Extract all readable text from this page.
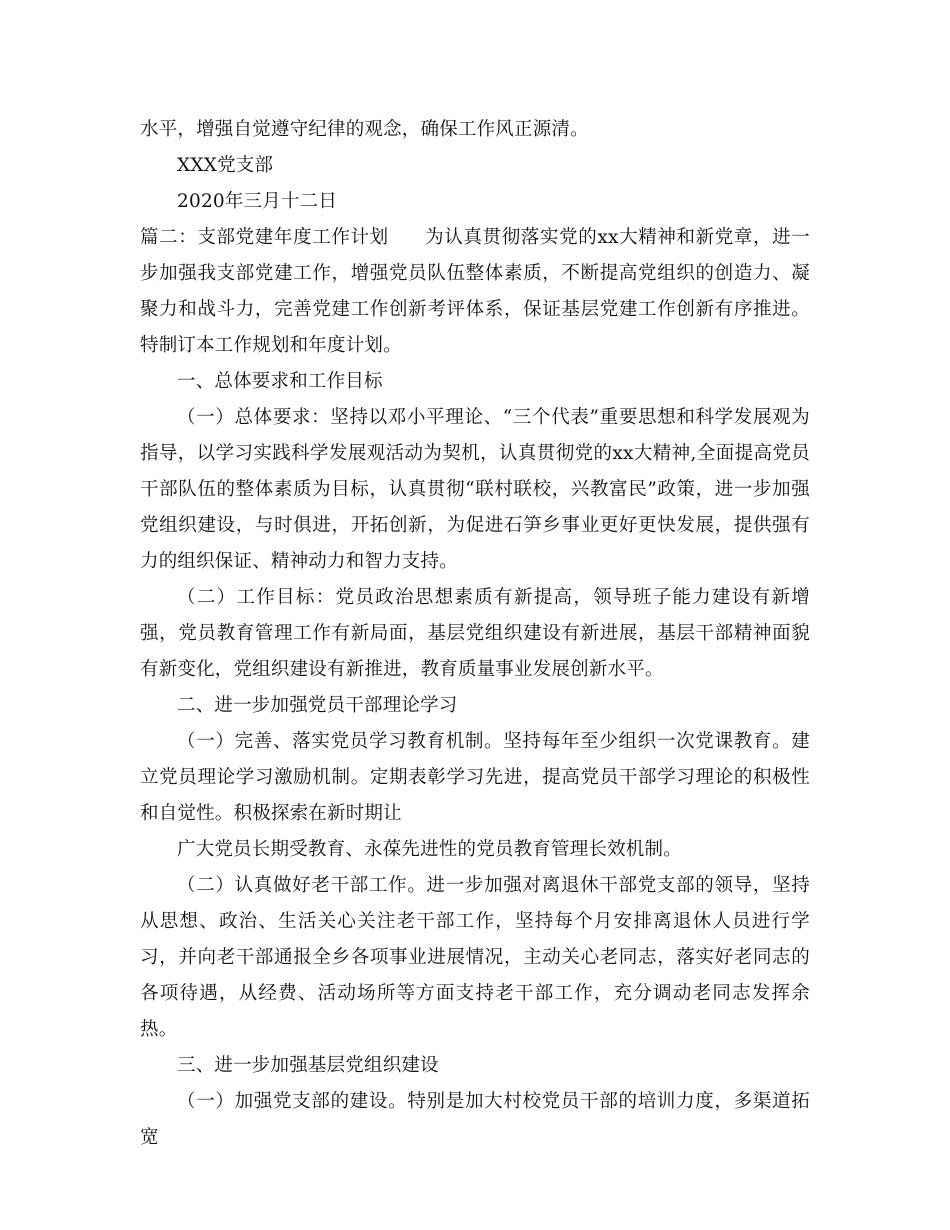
水平，增强自觉遵守纪律的观念，确保工作风正源清。

XXX党支部

2020年三月十二日

篇二：支部党建年度工作计划 为认真贯彻落实党的xx大精神和新党章，进一步加强我支部党建工作，增强党员队伍整体素质，不断提高党组织的创造力、凝聚力和战斗力，完善党建工作创新考评体系，保证基层党建工作创新有序推进。特制订本工作规划和年度计划。

一、总体要求和工作目标

（一）总体要求：坚持以邓小平理论、“三个代表”重要思想和科学发展观为指导，以学习实践科学发展观活动为契机，认真贯彻党的xx大精神,全面提高党员干部队伍的整体素质为目标，认真贯彻“联村联校，兴教富民”政策，进一步加强党组织建设，与时俱进，开拓创新，为促进石笋乡事业更好更快发展，提供强有力的组织保证、精神动力和智力支持。

（二）工作目标：党员政治思想素质有新提高，领导班子能力建设有新增强，党员教育管理工作有新局面，基层党组织建设有新进展，基层干部精神面貌有新变化，党组织建设有新推进，教育质量事业发展创新水平。

二、进一步加强党员干部理论学习

（一）完善、落实党员学习教育机制。坚持每年至少组织一次党课教育。建立党员理论学习激励机制。定期表彰学习先进，提高党员干部学习理论的积极性和自觉性。积极探索在新时期让

广大党员长期受教育、永葆先进性的党员教育管理长效机制。

（二）认真做好老干部工作。进一步加强对离退休干部党支部的领导，坚持从思想、政治、生活关心关注老干部工作，坚持每个月安排离退休人员进行学习，并向老干部通报全乡各项事业进展情况，主动关心老同志，落实好老同志的各项待遇，从经费、活动场所等方面支持老干部工作，充分调动老同志发挥余热。

三、进一步加强基层党组织建设

（一）加强党支部的建设。特别是加大村校党员干部的培训力度，多渠道拓宽
